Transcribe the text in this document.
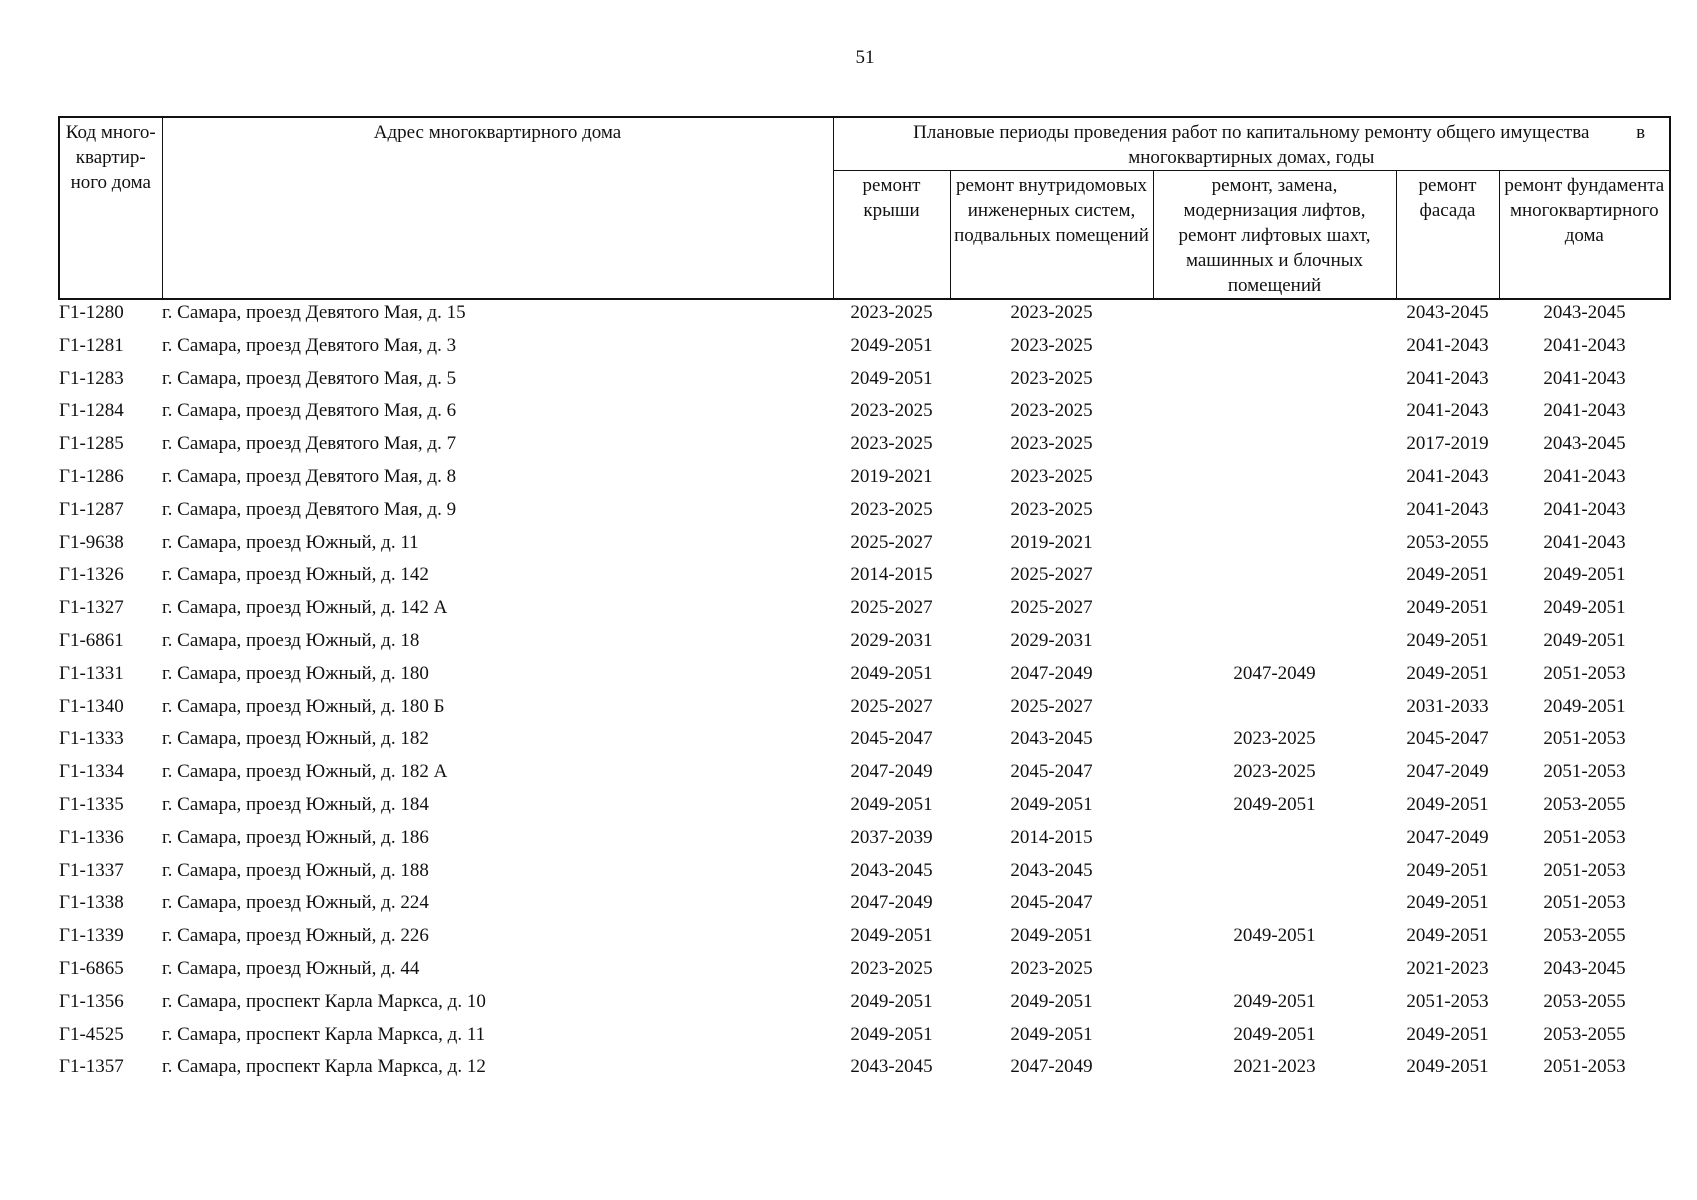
51
Код много-квартир-ного дома	Адрес многоквартирного дома	Плановые периоды проведения работ по капитальному ремонту общего имущества в
многоквартирных домах, годы				

		ремонт крыши	ремонт внутридомовых инженерных систем, подвальных помещений	ремонт, замена, модернизация лифтов, ремонт лифтовых шахт, машинных и блочных помещений	ремонт фасада	ремонт фундамента многоквартирного дома
Г1-1280	г. Самара, проезд Девятого Мая, д. 15	2023-2025	2023-2025		2043-2045	2043-2045
Г1-1281	г. Самара, проезд Девятого Мая, д. 3	2049-2051	2023-2025		2041-2043	2041-2043
Г1-1283	г. Самара, проезд Девятого Мая, д. 5	2049-2051	2023-2025		2041-2043	2041-2043
Г1-1284	г. Самара, проезд Девятого Мая, д. 6	2023-2025	2023-2025		2041-2043	2041-2043
Г1-1285	г. Самара, проезд Девятого Мая, д. 7	2023-2025	2023-2025		2017-2019	2043-2045
Г1-1286	г. Самара, проезд Девятого Мая, д. 8	2019-2021	2023-2025		2041-2043	2041-2043
Г1-1287	г. Самара, проезд Девятого Мая, д. 9	2023-2025	2023-2025		2041-2043	2041-2043
Г1-9638	г. Самара, проезд Южный, д. 11	2025-2027	2019-2021		2053-2055	2041-2043
Г1-1326	г. Самара, проезд Южный, д. 142	2014-2015	2025-2027		2049-2051	2049-2051
Г1-1327	г. Самара, проезд Южный, д. 142 А	2025-2027	2025-2027		2049-2051	2049-2051
Г1-6861	г. Самара, проезд Южный, д. 18	2029-2031	2029-2031		2049-2051	2049-2051
Г1-1331	г. Самара, проезд Южный, д. 180	2049-2051	2047-2049	2047-2049	2049-2051	2051-2053
Г1-1340	г. Самара, проезд Южный, д. 180 Б	2025-2027	2025-2027		2031-2033	2049-2051
Г1-1333	г. Самара, проезд Южный, д. 182	2045-2047	2043-2045	2023-2025	2045-2047	2051-2053
Г1-1334	г. Самара, проезд Южный, д. 182 А	2047-2049	2045-2047	2023-2025	2047-2049	2051-2053
Г1-1335	г. Самара, проезд Южный, д. 184	2049-2051	2049-2051	2049-2051	2049-2051	2053-2055
Г1-1336	г. Самара, проезд Южный, д. 186	2037-2039	2014-2015		2047-2049	2051-2053
Г1-1337	г. Самара, проезд Южный, д. 188	2043-2045	2043-2045		2049-2051	2051-2053
Г1-1338	г. Самара, проезд Южный, д. 224	2047-2049	2045-2047		2049-2051	2051-2053
Г1-1339	г. Самара, проезд Южный, д. 226	2049-2051	2049-2051	2049-2051	2049-2051	2053-2055
Г1-6865	г. Самара, проезд Южный, д. 44	2023-2025	2023-2025		2021-2023	2043-2045
Г1-1356	г. Самара, проспект Карла Маркса, д. 10	2049-2051	2049-2051	2049-2051	2051-2053	2053-2055
Г1-4525	г. Самара, проспект Карла Маркса, д. 11	2049-2051	2049-2051	2049-2051	2049-2051	2053-2055
Г1-1357	г. Самара, проспект Карла Маркса, д. 12	2043-2045	2047-2049	2021-2023	2049-2051	2051-2053
